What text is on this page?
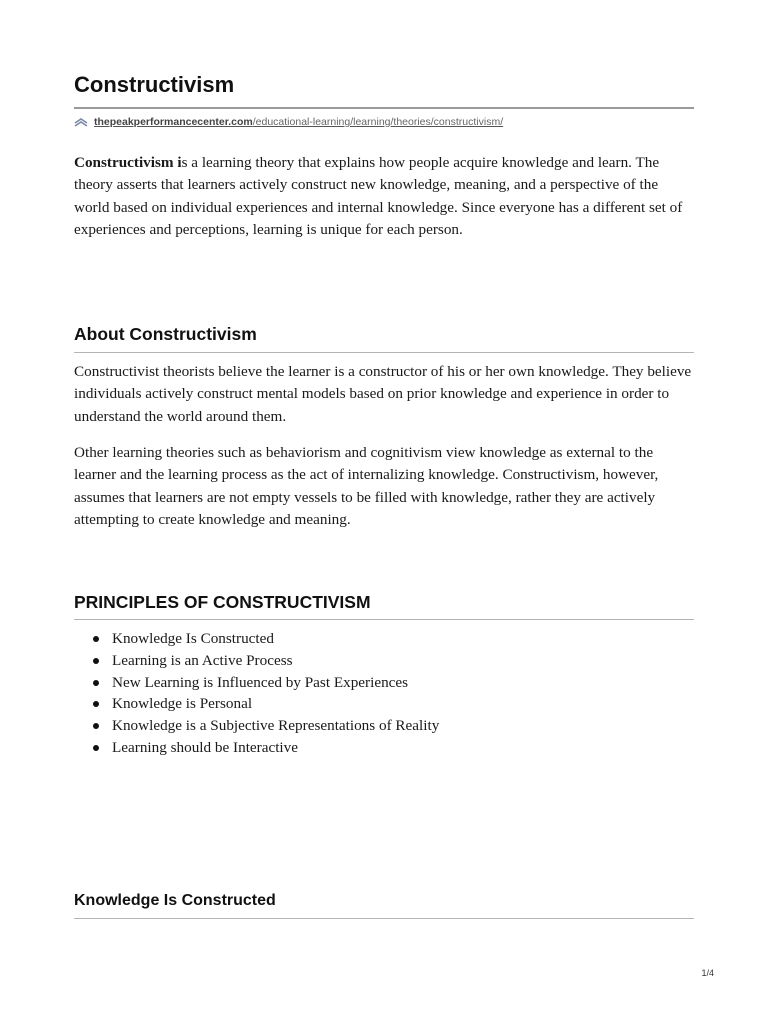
Constructivism
thepeakperformancecenter.com/educational-learning/learning/theories/constructivism/

Constructivism is a learning theory that explains how people acquire knowledge and learn. The theory asserts that learners actively construct new knowledge, meaning, and a perspective of the world based on individual experiences and internal knowledge. Since everyone has a different set of experiences and perceptions, learning is unique for each person.

About Constructivism

Constructivist theorists believe the learner is a constructor of his or her own knowledge. They believe individuals actively construct mental models based on prior knowledge and experience in order to understand the world around them.

Other learning theories such as behaviorism and cognitivism view knowledge as external to the learner and the learning process as the act of internalizing knowledge. Constructivism, however, assumes that learners are not empty vessels to be filled with knowledge, rather they are actively attempting to create knowledge and meaning.

PRINCIPLES OF CONSTRUCTIVISM
Knowledge Is Constructed
Learning is an Active Process
New Learning is Influenced by Past Experiences
Knowledge is Personal
Knowledge is a Subjective Representations of Reality
Learning should be Interactive
Knowledge Is Constructed
1/4
